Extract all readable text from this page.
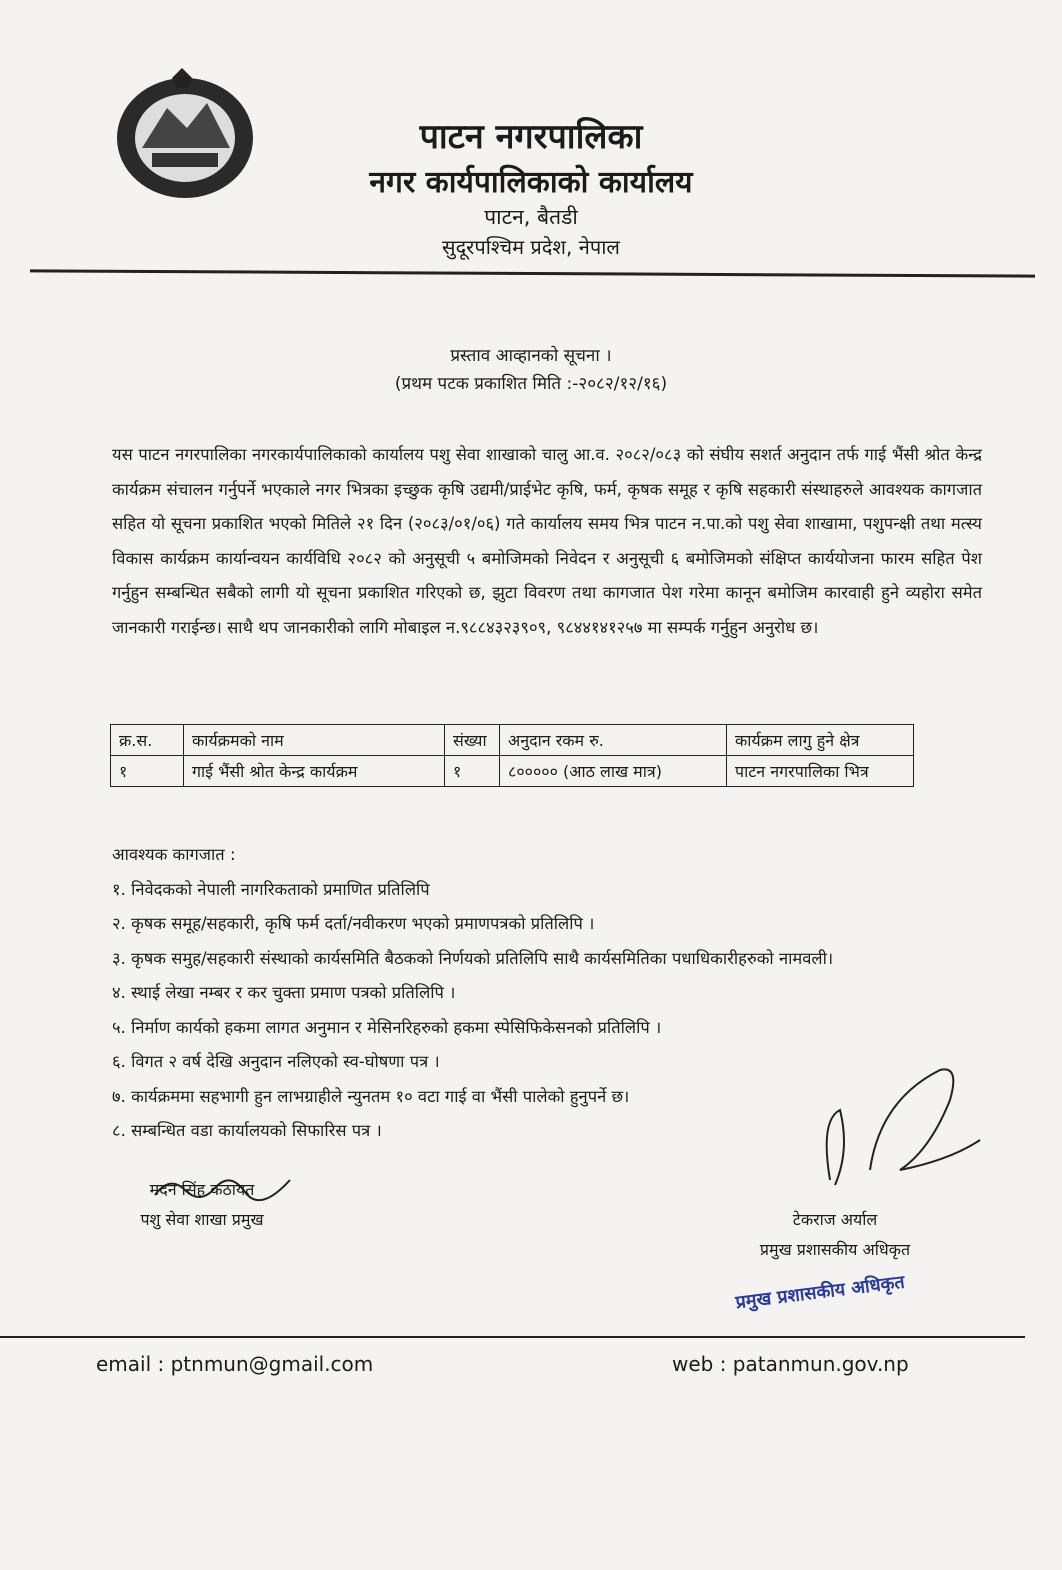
पाटन नगरपालिका
नगर कार्यपालिकाको कार्यालय
पाटन, बैतडी
सुदूरपश्चिम प्रदेश, नेपाल
प्रस्ताव आव्हानको सूचना ।
(प्रथम पटक प्रकाशित मिति :-२०८२/१२/१६)
यस पाटन नगरपालिका नगरकार्यपालिकाको कार्यालय पशु सेवा शाखाको चालु आ.व. २०८२/०८३ को संघीय सशर्त अनुदान तर्फ गाई भैंसी श्रोत केन्द्र कार्यक्रम संचालन गर्नुपर्ने भएकाले नगर भित्रका इच्छुक कृषि उद्यमी/प्राईभेट कृषि, फर्म, कृषक समूह र कृषि सहकारी संस्थाहरुले आवश्यक कागजात सहित यो सूचना प्रकाशित भएको मितिले २१ दिन (२०८३/०१/०६) गते कार्यालय समय भित्र पाटन न.पा.को पशु सेवा शाखामा, पशुपन्क्षी तथा मत्स्य विकास कार्यक्रम कार्यान्वयन कार्यविधि २०८२ को अनुसूची ५ बमोजिमको निवेदन र अनुसूची ६ बमोजिमको संक्षिप्त कार्ययोजना फारम सहित पेश गर्नुहुन सम्बन्धित सबैको लागी यो सूचना प्रकाशित गरिएको छ, झुटा विवरण तथा कागजात पेश गरेमा कानून बमोजिम कारवाही हुने व्यहोरा समेत जानकारी गराईन्छ। साथै थप जानकारीको लागि मोबाइल न.९८८४३२३९०९, ९८४४१४१२५७ मा सम्पर्क गर्नुहुन अनुरोध छ।
क्र.स.	कार्यक्रमको नाम	संख्या	अनुदान रकम रु.	कार्यक्रम लागु हुने क्षेत्र
१	गाई भैंसी श्रोत केन्द्र कार्यक्रम	१	८००००० (आठ लाख मात्र)	पाटन नगरपालिका भित्र
आवश्यक कागजात :
१. निवेदकको नेपाली नागरिकताको प्रमाणित प्रतिलिपि
२. कृषक समूह/सहकारी, कृषि फर्म दर्ता/नवीकरण भएको प्रमाणपत्रको प्रतिलिपि ।
३. कृषक समुह/सहकारी संस्थाको कार्यसमिति बैठकको निर्णयको प्रतिलिपि साथै कार्यसमितिका पधाधिकारीहरुको नामवली।
४. स्थाई लेखा नम्बर र कर चुक्ता प्रमाण पत्रको प्रतिलिपि ।
५. निर्माण कार्यको हकमा लागत अनुमान र मेसिनरिहरुको हकमा स्पेसिफिकेसनको प्रतिलिपि ।
६. विगत २ वर्ष देखि अनुदान नलिएको स्व-घोषणा पत्र ।
७. कार्यक्रममा सहभागी हुन लाभग्राहीले न्युनतम १० वटा गाई वा भैंसी पालेको हुनुपर्ने छ।
८. सम्बन्धित वडा कार्यालयको सिफारिस पत्र ।
मदन सिंह कठायत
पशु सेवा शाखा प्रमुख	टेकराज अर्याल
प्रमुख प्रशासकीय अधिकृत
प्रमुख प्रशासकीय अधिकृत
email : ptnmun@gmail.com	web : patanmun.gov.np
